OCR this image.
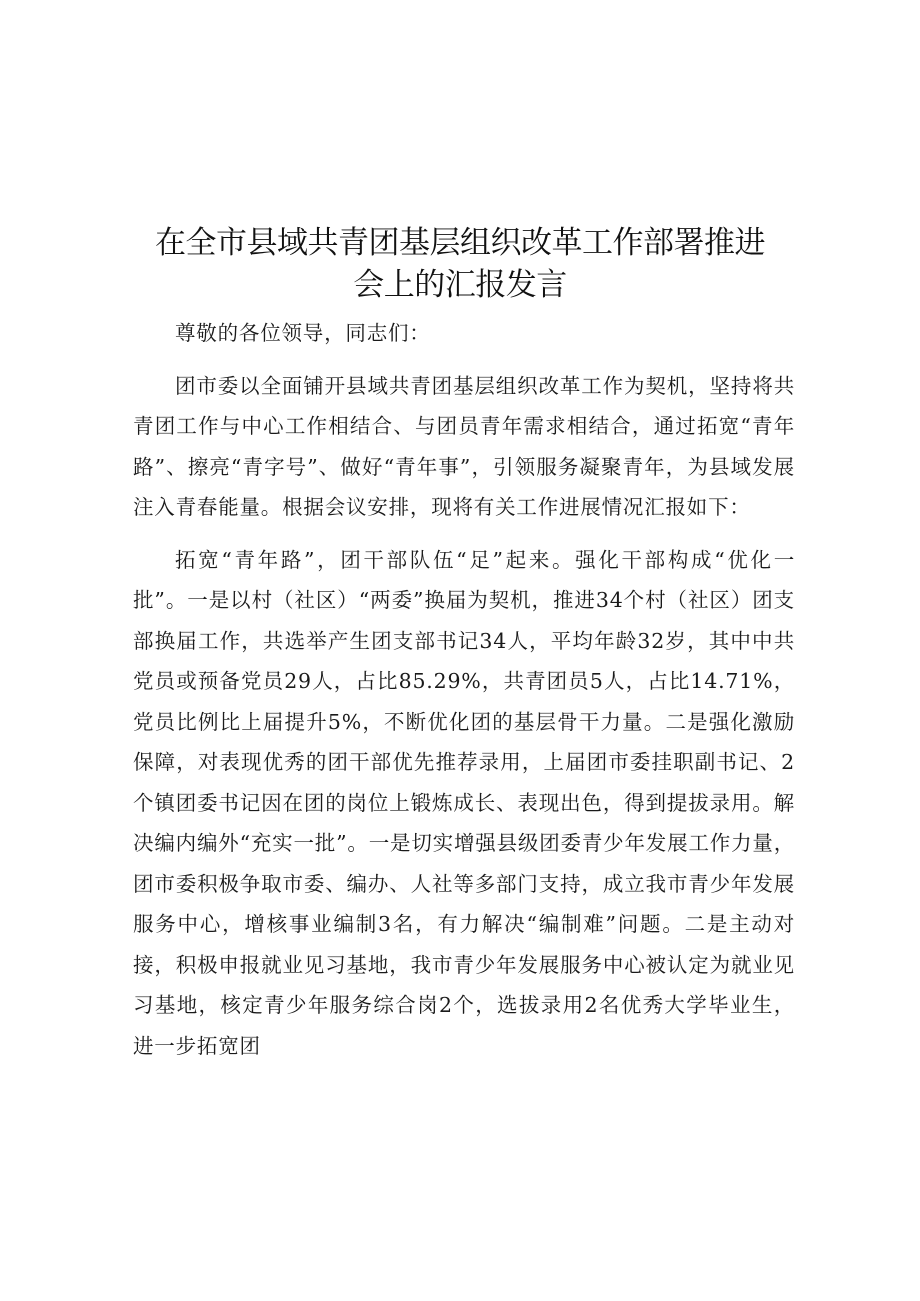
在全市县域共青团基层组织改革工作部署推进
会上的汇报发言

尊敬的各位领导，同志们：

团市委以全面铺开县域共青团基层组织改革工作为契机，坚持将共青团工作与中心工作相结合、与团员青年需求相结合，通过拓宽“青年路”、擦亮“青字号”、做好“青年事”，引领服务凝聚青年，为县域发展注入青春能量。根据会议安排，现将有关工作进展情况汇报如下：

拓宽“青年路”，团干部队伍“足”起来。强化干部构成“优化一批”。一是以村（社区）“两委”换届为契机，推进34个村（社区）团支部换届工作，共选举产生团支部书记34人，平均年龄32岁，其中中共党员或预备党员29人，占比85.29%，共青团员5人，占比14.71%，党员比例比上届提升5%，不断优化团的基层骨干力量。二是强化激励保障，对表现优秀的团干部优先推荐录用，上届团市委挂职副书记、2个镇团委书记因在团的岗位上锻炼成长、表现出色，得到提拔录用。解决编内编外“充实一批”。一是切实增强县级团委青少年发展工作力量，团市委积极争取市委、编办、人社等多部门支持，成立我市青少年发展服务中心，增核事业编制3名，有力解决“编制难”问题。二是主动对接，积极申报就业见习基地，我市青少年发展服务中心被认定为就业见习基地，核定青少年服务综合岗2个，选拔录用2名优秀大学毕业生，进一步拓宽团
